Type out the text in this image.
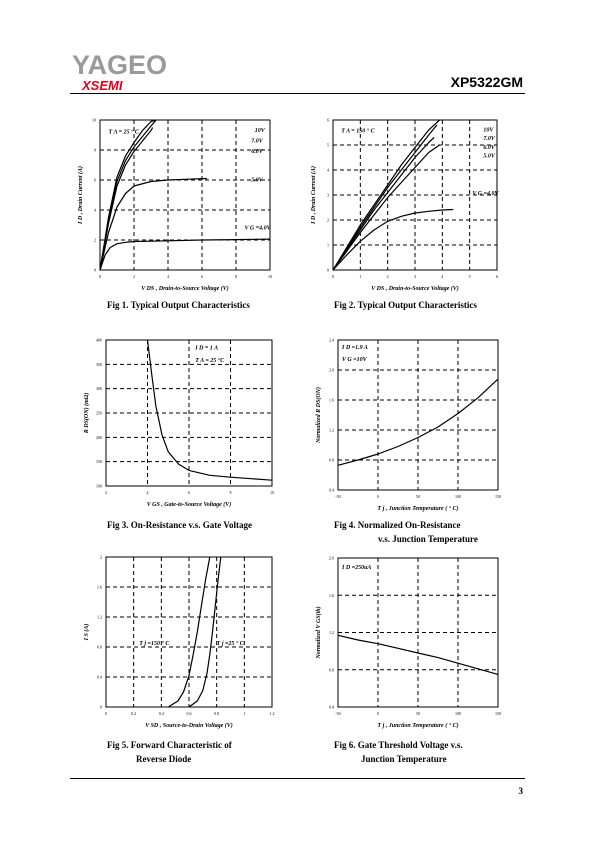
YAGEO
XSEMI	XP5322GM
0	2	4	6	8	10
0
2
4
6
8
10
V DS , Drain-to-Source Voltage (V)
I D , Drain Current (A)
T A = 25 ° C	10V
7.0V
6.0V
5.0V
V G =4.0V
0	1	2	3	4	5	6
0
1
2
3
4
5
6
V DS , Drain-to-Source Voltage (V)
I D , Drain Current (A)
T A = 150 ° C	10V
7.0V
6.0V
5.0V
V G =4.0V
2	4	6	8	10
100
150
200
250
300
350
400
V GS , Gate-to-Source Voltage (V)
R DS(ON) (mΩ)
I D = 1 A
T A = 25 °C
-50	0	50	100	150
0.4
0.8
1.2
1.6
2.0
2.4
T j , Junction Temperature ( ° C)
Normalized R DS(ON)
I D =1.9 A
V G =10V
0	0.2	0.4	0.6	0.8	1	1.2
0
0.4
0.8
1.2
1.6
2
V SD , Source-to-Drain Voltage (V)
I S (A)
T j =150 ° C	T j =25 ° C
-50	0	50	100	150
0.4
0.8
1.2
1.6
2.0
T j , Junction Temperature ( ° C)
Normalized V GS(th)
I D =250uA
Fig 1. Typical Output Characteristics	Fig 2. Typical Output Characteristics
Fig 3. On-Resistance v.s. Gate Voltage	Fig 4. Normalized On-Resistance
v.s. Junction Temperature
Fig 5. Forward Characteristic of
Reverse Diode
Fig 6. Gate Threshold Voltage v.s.
Junction Temperature
3
